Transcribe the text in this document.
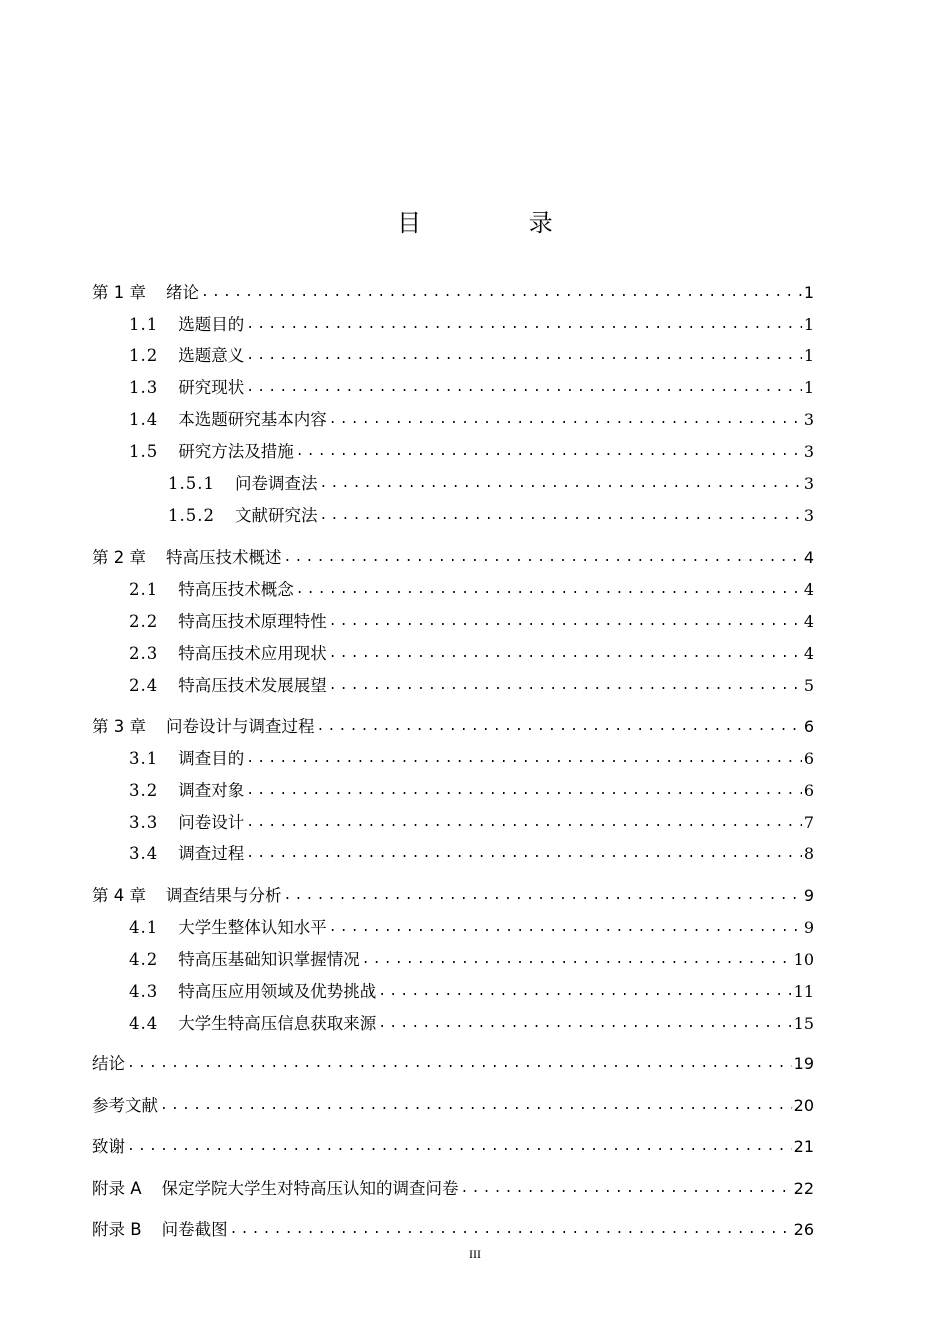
目 录
第 1 章 绪论 .....	1
1.1 选题目的 .....	1
1.2 选题意义 .....	1
1.3 研究现状 .....	1
1.4 本选题研究基本内容 .....	3
1.5 研究方法及措施 .....	3
1.5.1 问卷调查法 .....	3
1.5.2 文献研究法 .....	3
第 2 章 特高压技术概述 .....	4
2.1 特高压技术概念 .....	4
2.2 特高压技术原理特性 .....	4
2.3 特高压技术应用现状 .....	4
2.4 特高压技术发展展望 .....	5
第 3 章 问卷设计与调查过程 .....	6
3.1 调查目的 .....	6
3.2 调查对象 .....	6
3.3 问卷设计 .....	7
3.4 调查过程 .....	8
第 4 章 调查结果与分析 .....	9
4.1 大学生整体认知水平 .....	9
4.2 特高压基础知识掌握情况 .....	10
4.3 特高压应用领域及优势挑战 .....	11
4.4 大学生特高压信息获取来源 .....	15
结论 .....	19
参考文献 .....	20
致谢 .....	21
附录 A 保定学院大学生对特高压认知的调查问卷 .....	22
附录 B 问卷截图 .....	26
III
